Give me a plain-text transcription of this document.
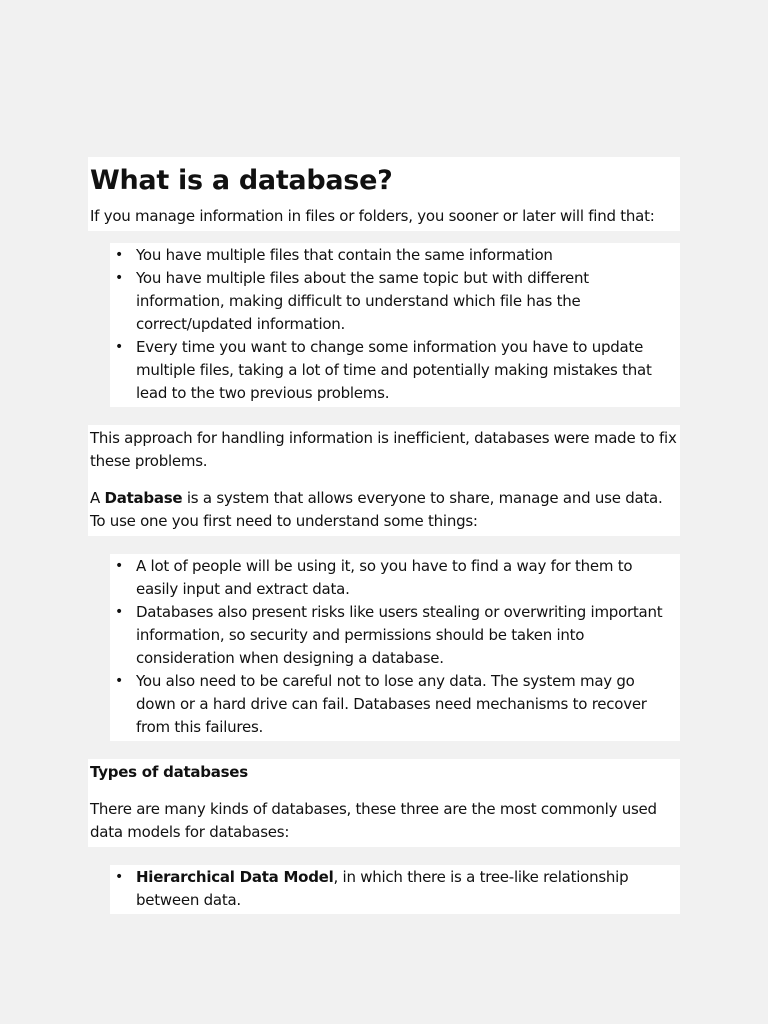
What is a database?

If you manage information in files or folders, you sooner or later will find that:

• You have multiple files that contain the same information
• You have multiple files about the same topic but with different information, making difficult to understand which file has the correct/updated information.
• Every time you want to change some information you have to update multiple files, taking a lot of time and potentially making mistakes that lead to the two previous problems.

This approach for handling information is inefficient, databases were made to fix these problems.

A Database is a system that allows everyone to share, manage and use data. To use one you first need to understand some things:

• A lot of people will be using it, so you have to find a way for them to easily input and extract data.
• Databases also present risks like users stealing or overwriting important information, so security and permissions should be taken into consideration when designing a database.
• You also need to be careful not to lose any data. The system may go down or a hard drive can fail. Databases need mechanisms to recover from this failures.

Types of databases

There are many kinds of databases, these three are the most commonly used data models for databases:

• Hierarchical Data Model, in which there is a tree-like relationship between data.
